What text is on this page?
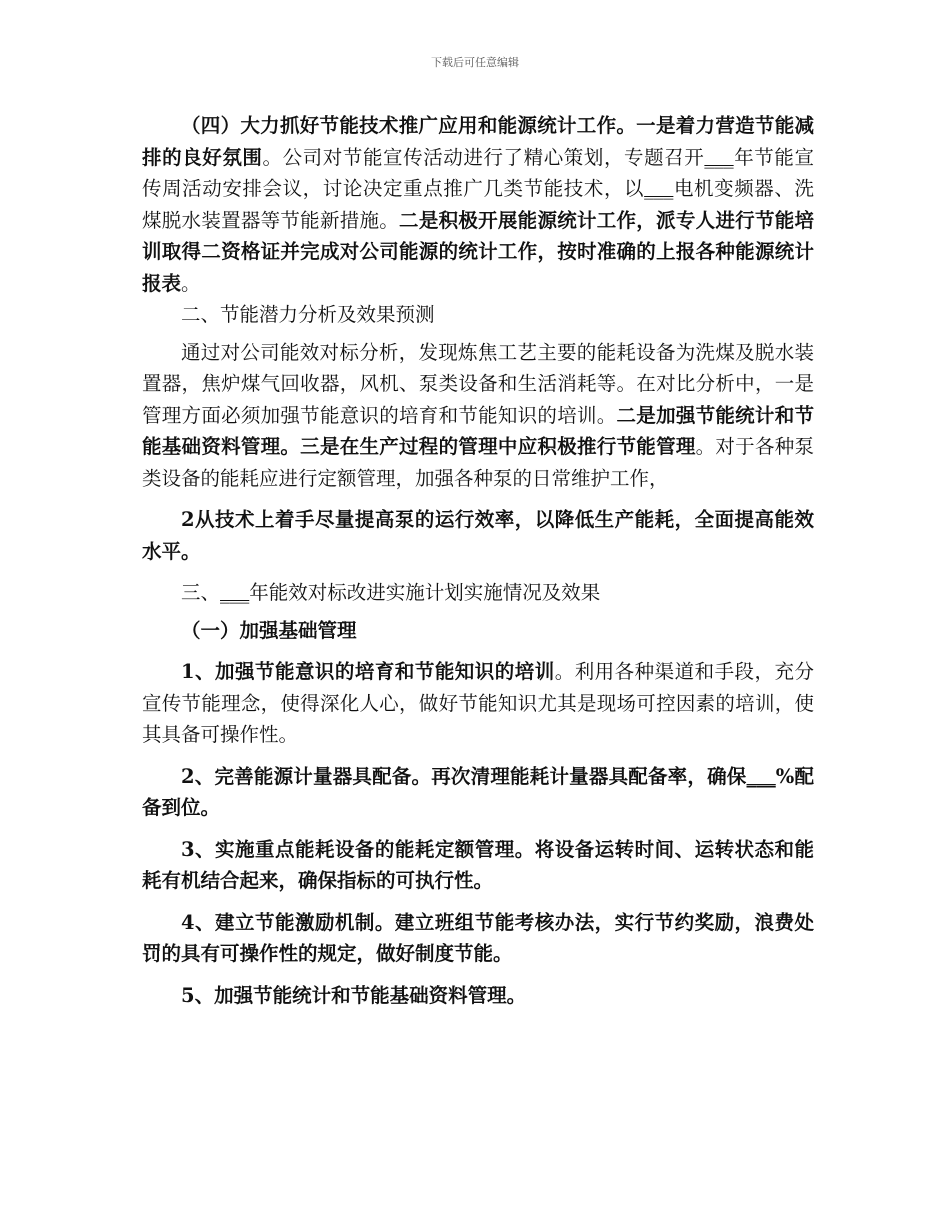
下载后可任意编辑

（四）大力抓好节能技术推广应用和能源统计工作。一是着力营造节能减排的良好氛围。公司对节能宣传活动进行了精心策划，专题召开___年节能宣传周活动安排会议，讨论决定重点推广几类节能技术，以___电机变频器、洗煤脱水装置器等节能新措施。二是积极开展能源统计工作，派专人进行节能培训取得二资格证并完成对公司能源的统计工作，按时准确的上报各种能源统计报表。

二、节能潜力分析及效果预测

通过对公司能效对标分析，发现炼焦工艺主要的能耗设备为洗煤及脱水装置器，焦炉煤气回收器，风机、泵类设备和生活消耗等。在对比分析中，一是管理方面必须加强节能意识的培育和节能知识的培训。二是加强节能统计和节能基础资料管理。三是在生产过程的管理中应积极推行节能管理。对于各种泵类设备的能耗应进行定额管理，加强各种泵的日常维护工作，

2从技术上着手尽量提高泵的运行效率，以降低生产能耗，全面提高能效水平。

三、___年能效对标改进实施计划实施情况及效果

（一）加强基础管理

1、加强节能意识的培育和节能知识的培训。利用各种渠道和手段，充分宣传节能理念，使得深化人心，做好节能知识尤其是现场可控因素的培训，使其具备可操作性。

2、完善能源计量器具配备。再次清理能耗计量器具配备率，确保___%配备到位。

3、实施重点能耗设备的能耗定额管理。将设备运转时间、运转状态和能耗有机结合起来，确保指标的可执行性。

4、建立节能激励机制。建立班组节能考核办法，实行节约奖励，浪费处罚的具有可操作性的规定，做好制度节能。

5、加强节能统计和节能基础资料管理。
